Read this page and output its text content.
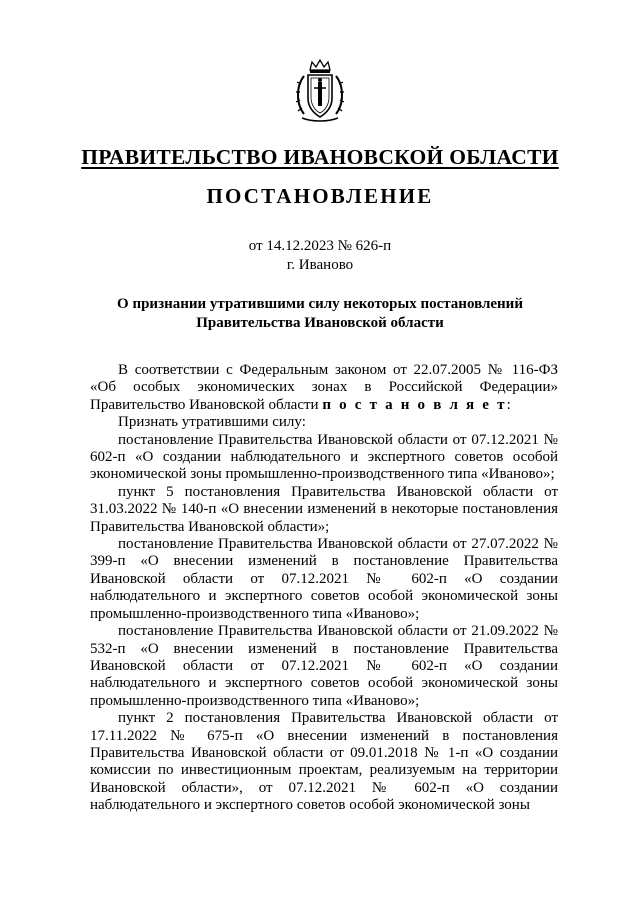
ПРАВИТЕЛЬСТВО ИВАНОВСКОЙ ОБЛАСТИ
ПОСТАНОВЛЕНИЕ
от 14.12.2023 № 626-п
г. Иваново
О признании утратившими силу некоторых постановлений
Правительства Ивановской области

В соответствии с Федеральным законом от 22.07.2005 № 116-ФЗ «Об особых экономических зонах в Российской Федерации» Правительство Ивановской области п о с т а н о в л я е т:

Признать утратившими силу:

постановление Правительства Ивановской области от 07.12.2021 № 602-п «О создании наблюдательного и экспертного советов особой экономической зоны промышленно-производственного типа «Иваново»;

пункт 5 постановления Правительства Ивановской области от 31.03.2022 № 140-п «О внесении изменений в некоторые постановления Правительства Ивановской области»;

постановление Правительства Ивановской области от 27.07.2022 № 399-п «О внесении изменений в постановление Правительства Ивановской области от 07.12.2021 № 602-п «О создании наблюдательного и экспертного советов особой экономической зоны промышленно-производственного типа «Иваново»;

постановление Правительства Ивановской области от 21.09.2022 № 532-п «О внесении изменений в постановление Правительства Ивановской области от 07.12.2021 № 602-п «О создании наблюдательного и экспертного советов особой экономической зоны промышленно-производственного типа «Иваново»;

пункт 2 постановления Правительства Ивановской области от 17.11.2022 № 675-п «О внесении изменений в постановления Правительства Ивановской области от 09.01.2018 № 1-п «О создании комиссии по инвестиционным проектам, реализуемым на территории Ивановской области», от 07.12.2021 № 602-п «О создании наблюдательного и экспертного советов особой экономической зоны
